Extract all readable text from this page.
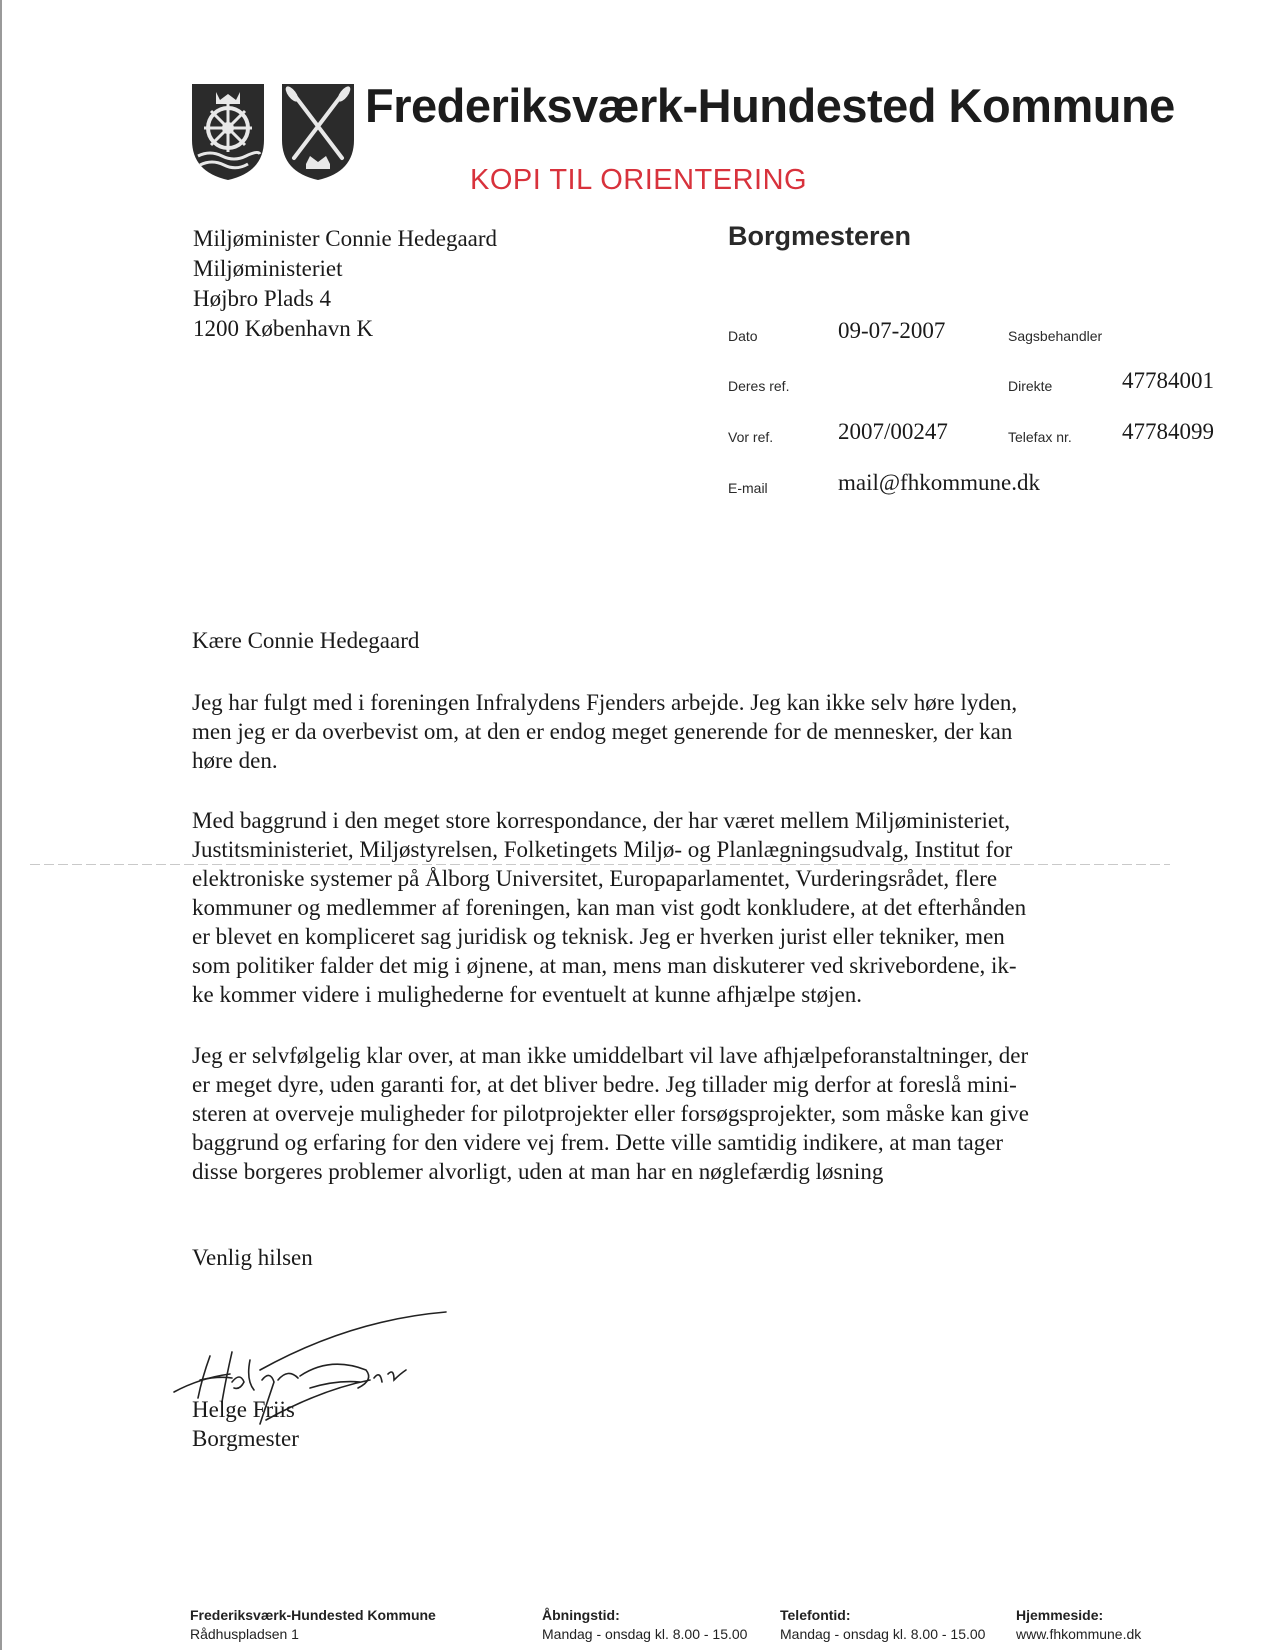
Frederiksværk-Hundested Kommune
KOPI TIL ORIENTERING
Miljøminister Connie Hedegaard
Miljøministeriet
Højbro Plads 4
1200 København K
Borgmesteren
Dato	09-07-2007
Deres ref.
Vor ref.	2007/00247
E-mail	mail@fhkommune.dk
Sagsbehandler
Direkte	47784001
Telefax nr. 47784099
Kære Connie Hedegaard
Jeg har fulgt med i foreningen Infralydens Fjenders arbejde. Jeg kan ikke selv høre lyden,
men jeg er da overbevist om, at den er endog meget generende for de mennesker, der kan
høre den.
Med baggrund i den meget store korrespondance, der har været mellem Miljøministeriet,
Justitsministeriet, Miljøstyrelsen, Folketingets Miljø- og Planlægningsudvalg, Institut for
elektroniske systemer på Ålborg Universitet, Europaparlamentet, Vurderingsrådet, flere
kommuner og medlemmer af foreningen, kan man vist godt konkludere, at det efterhånden
er blevet en kompliceret sag juridisk og teknisk. Jeg er hverken jurist eller tekniker, men
som politiker falder det mig i øjnene, at man, mens man diskuterer ved skrivebordene, ik-
ke kommer videre i mulighederne for eventuelt at kunne afhjælpe støjen.
Jeg er selvfølgelig klar over, at man ikke umiddelbart vil lave afhjælpeforanstaltninger, der
er meget dyre, uden garanti for, at det bliver bedre. Jeg tillader mig derfor at foreslå mini-
steren at overveje muligheder for pilotprojekter eller forsøgsprojekter, som måske kan give
baggrund og erfaring for den videre vej frem. Dette ville samtidig indikere, at man tager
disse borgeres problemer alvorligt, uden at man har en nøglefærdig løsning
Venlig hilsen
Helge Friis
Borgmester
Frederiksværk-Hundested Kommune
Rådhuspladsen 1
Åbningstid:
Mandag - onsdag kl. 8.00 - 15.00
Telefontid:
Mandag - onsdag kl. 8.00 - 15.00
Hjemmeside:
www.fhkommune.dk
